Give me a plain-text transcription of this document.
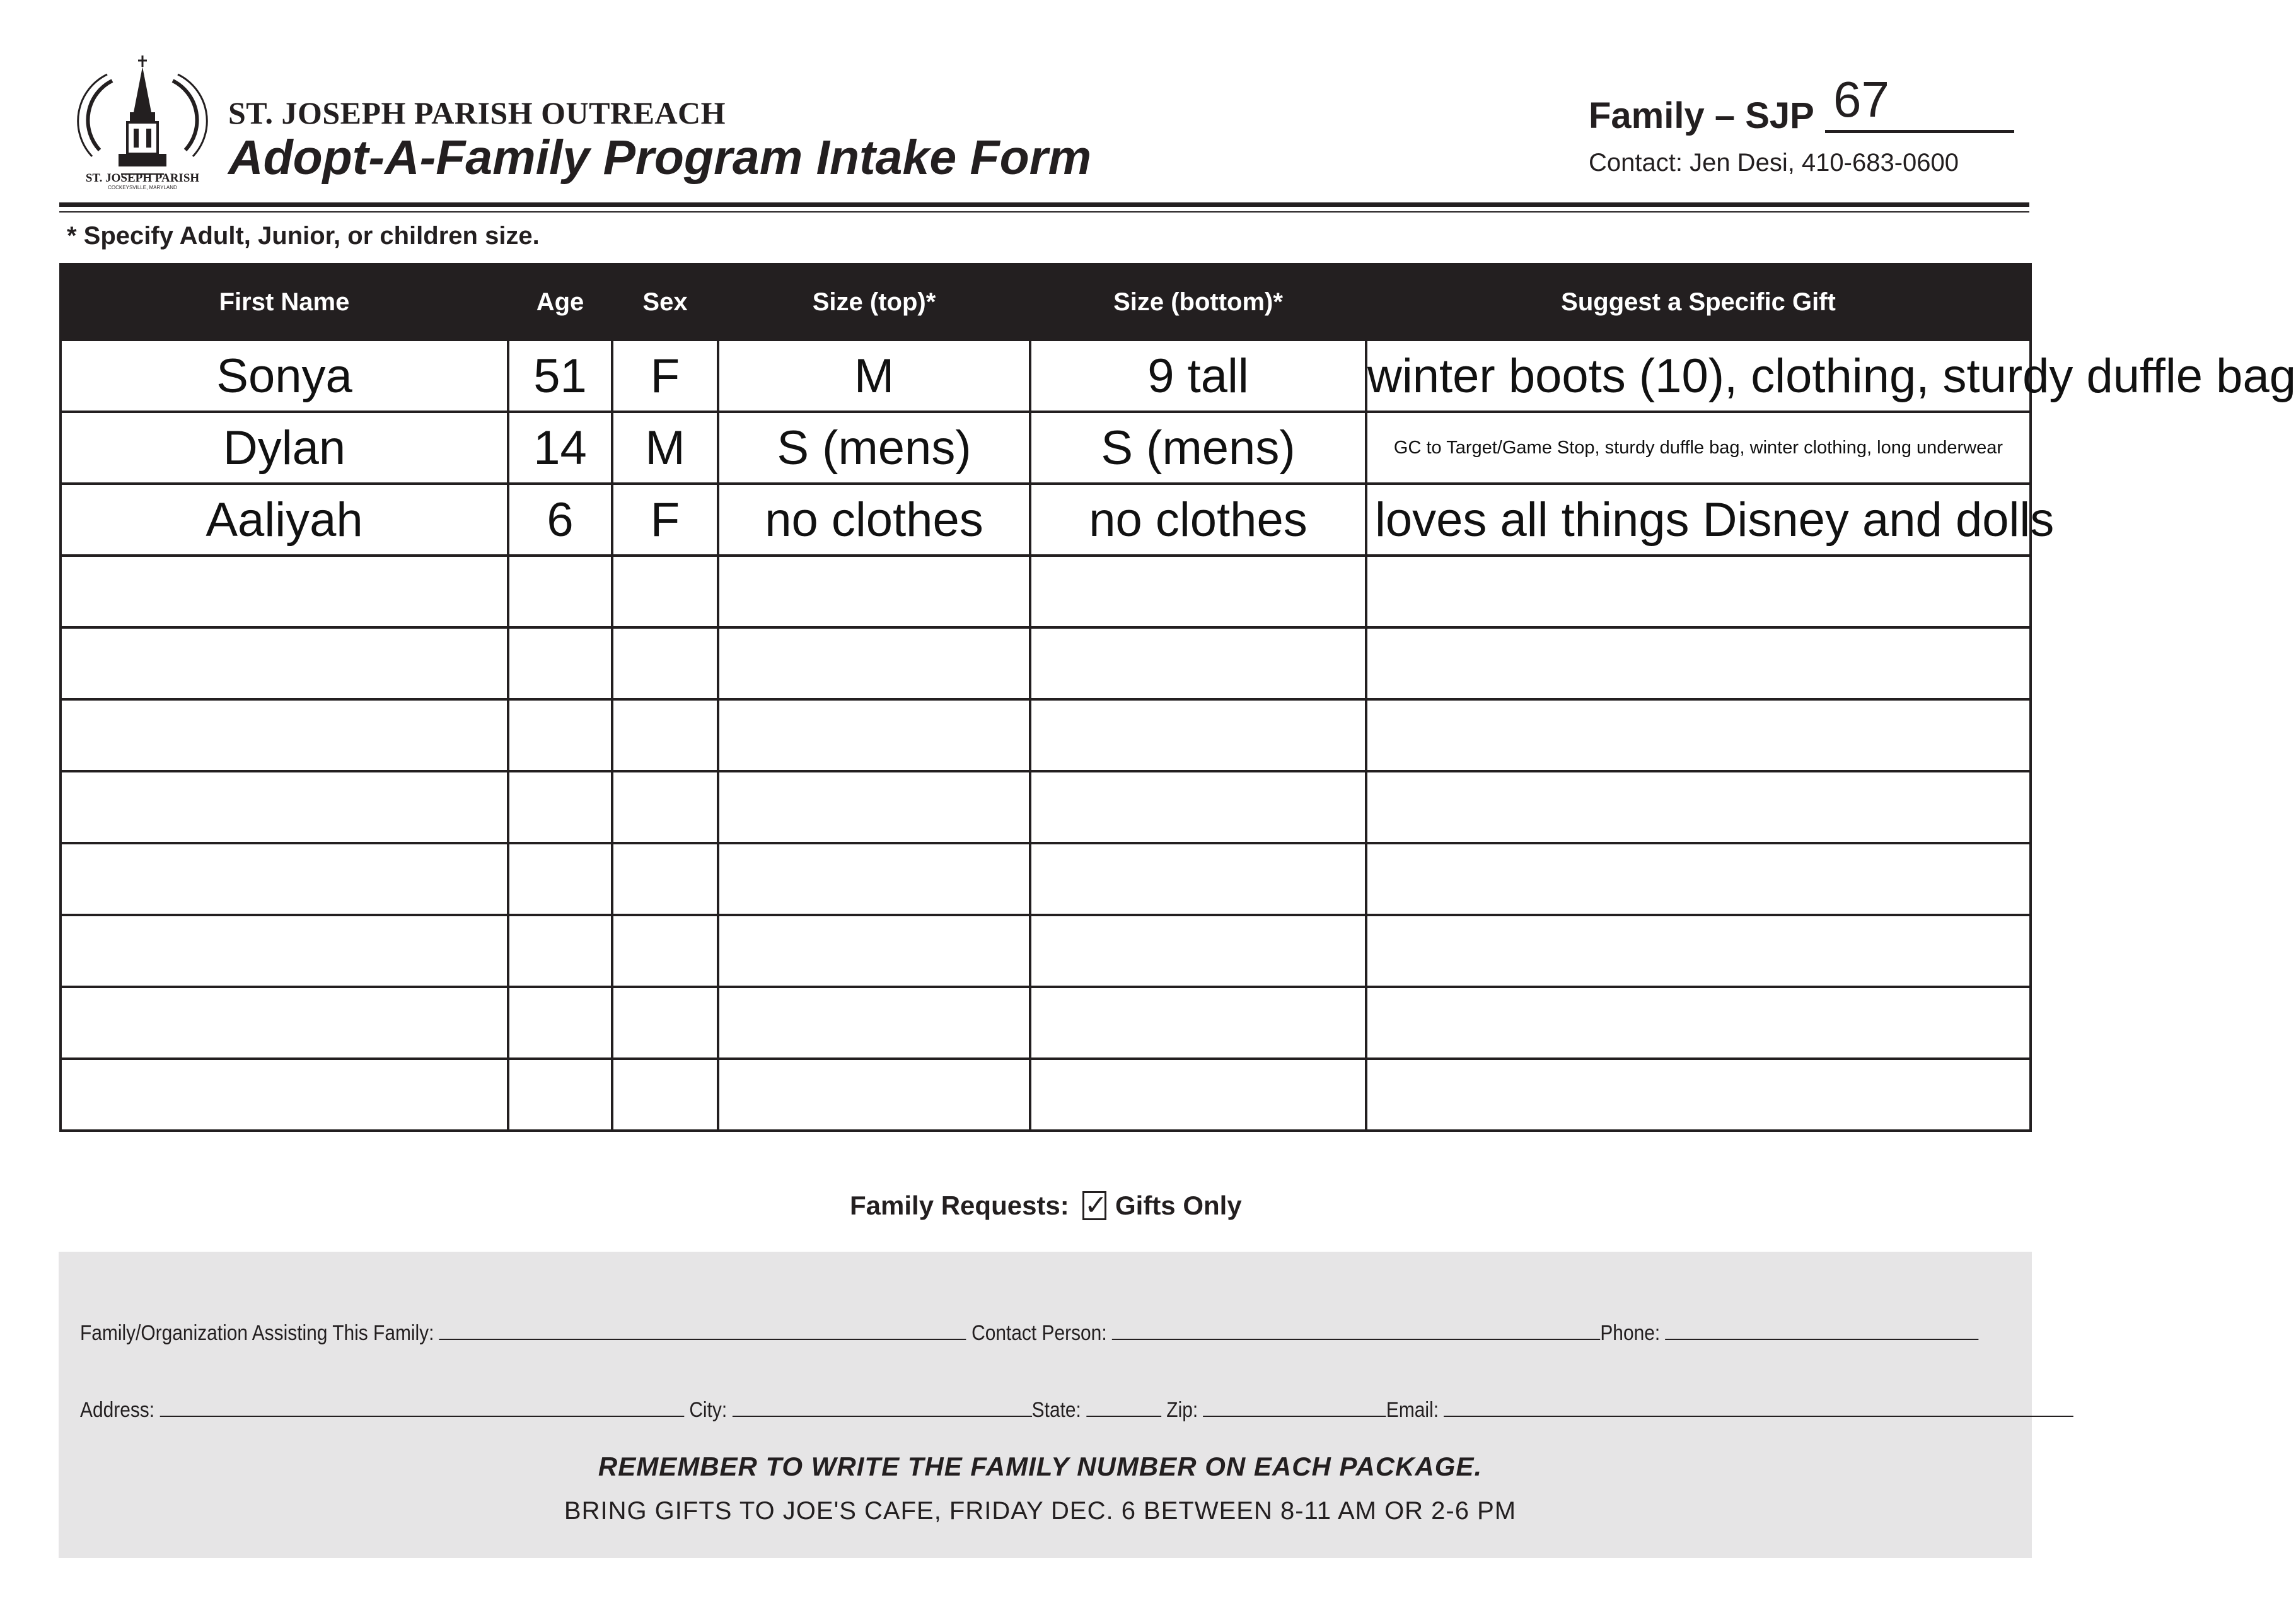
ST. JOSEPH PARISH
COCKEYSVILLE, MARYLAND
ST. JOSEPH PARISH OUTREACH
Adopt-A-Family Program Intake Form
Family – SJP 67
Contact: Jen Desi, 410-683-0600
* Specify Adult, Junior, or children size.
First Name	Age	Sex	Size (top)*	Size (bottom)*	Suggest a Specific Gift
Sonya	51	F	M	9 tall	winter boots (10), clothing, sturdy duffle bag
Dylan	14	M	S (mens)	S (mens)	GC to Target/Game Stop, sturdy duffle bag, winter clothing, long underwear
Aaliyah	6	F	no clothes	no clothes	loves all things Disney and dolls

Family Requests: ✓ Gifts Only
Family/Organization Assisting This Family:	Contact Person:	Phone:
Address:	City:	State:	Zip:	Email:
REMEMBER TO WRITE THE FAMILY NUMBER ON EACH PACKAGE.
BRING GIFTS TO JOE'S CAFE, FRIDAY DEC. 6 BETWEEN 8-11 AM OR 2-6 PM
